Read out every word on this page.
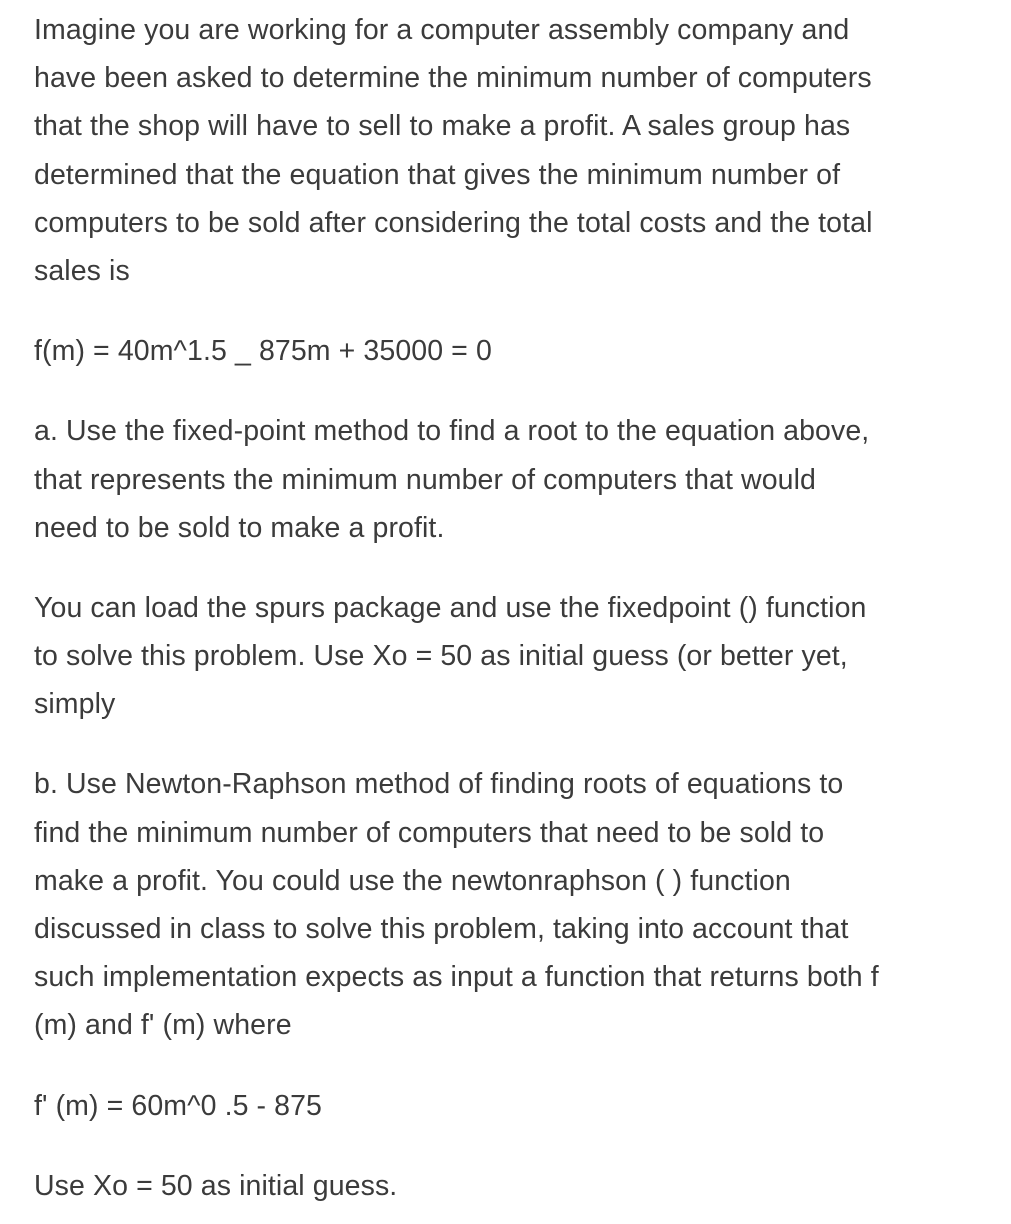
Imagine you are working for a computer assembly company and
have been asked to determine the minimum number of computers
that the shop will have to sell to make a profit. A sales group has
determined that the equation that gives the minimum number of
computers to be sold after considering the total costs and the total
sales is
f(m) = 40m^1.5 _ 875m + 35000 = 0
a. Use the fixed-point method to find a root to the equation above,
that represents the minimum number of computers that would
need to be sold to make a profit.
You can load the spurs package and use the fixedpoint () function
to solve this problem. Use Xo = 50 as initial guess (or better yet,
simply
b. Use Newton-Raphson method of finding roots of equations to
find the minimum number of computers that need to be sold to
make a profit. You could use the newtonraphson ( ) function
discussed in class to solve this problem, taking into account that
such implementation expects as input a function that returns both f
(m) and f' (m) where
f' (m) = 60m^0 .5 - 875
Use Xo = 50 as initial guess.
